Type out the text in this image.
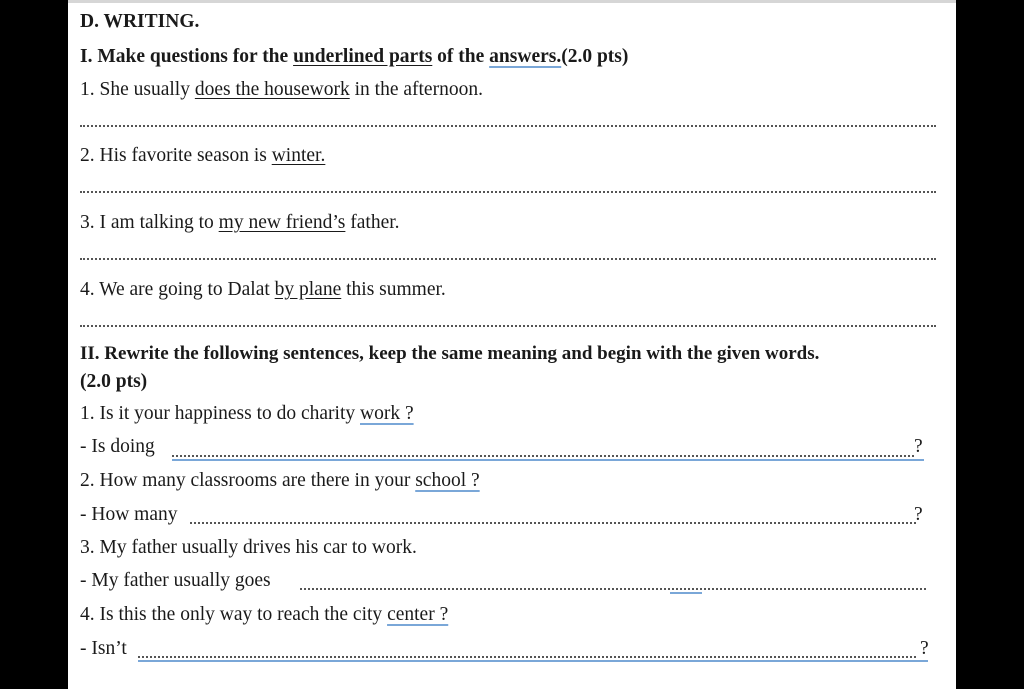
D. WRITING.
I. Make questions for the underlined parts of the answers.(2.0 pts)
1. She usually does the housework in the afternoon.
2. His favorite season is winter.
3. I am talking to my new friend’s father.
4. We are going to Dalat by plane this summer.
II. Rewrite the following sentences, keep the same meaning and begin with the given words.
(2.0 pts)
1. Is it your happiness to do charity work ?
- Is doing	?
2. How many classrooms are there in your school ?
- How many	?
3. My father usually drives his car to work.
- My father usually goes
4. Is this the only way to reach the city center ?
- Isn’t	?
